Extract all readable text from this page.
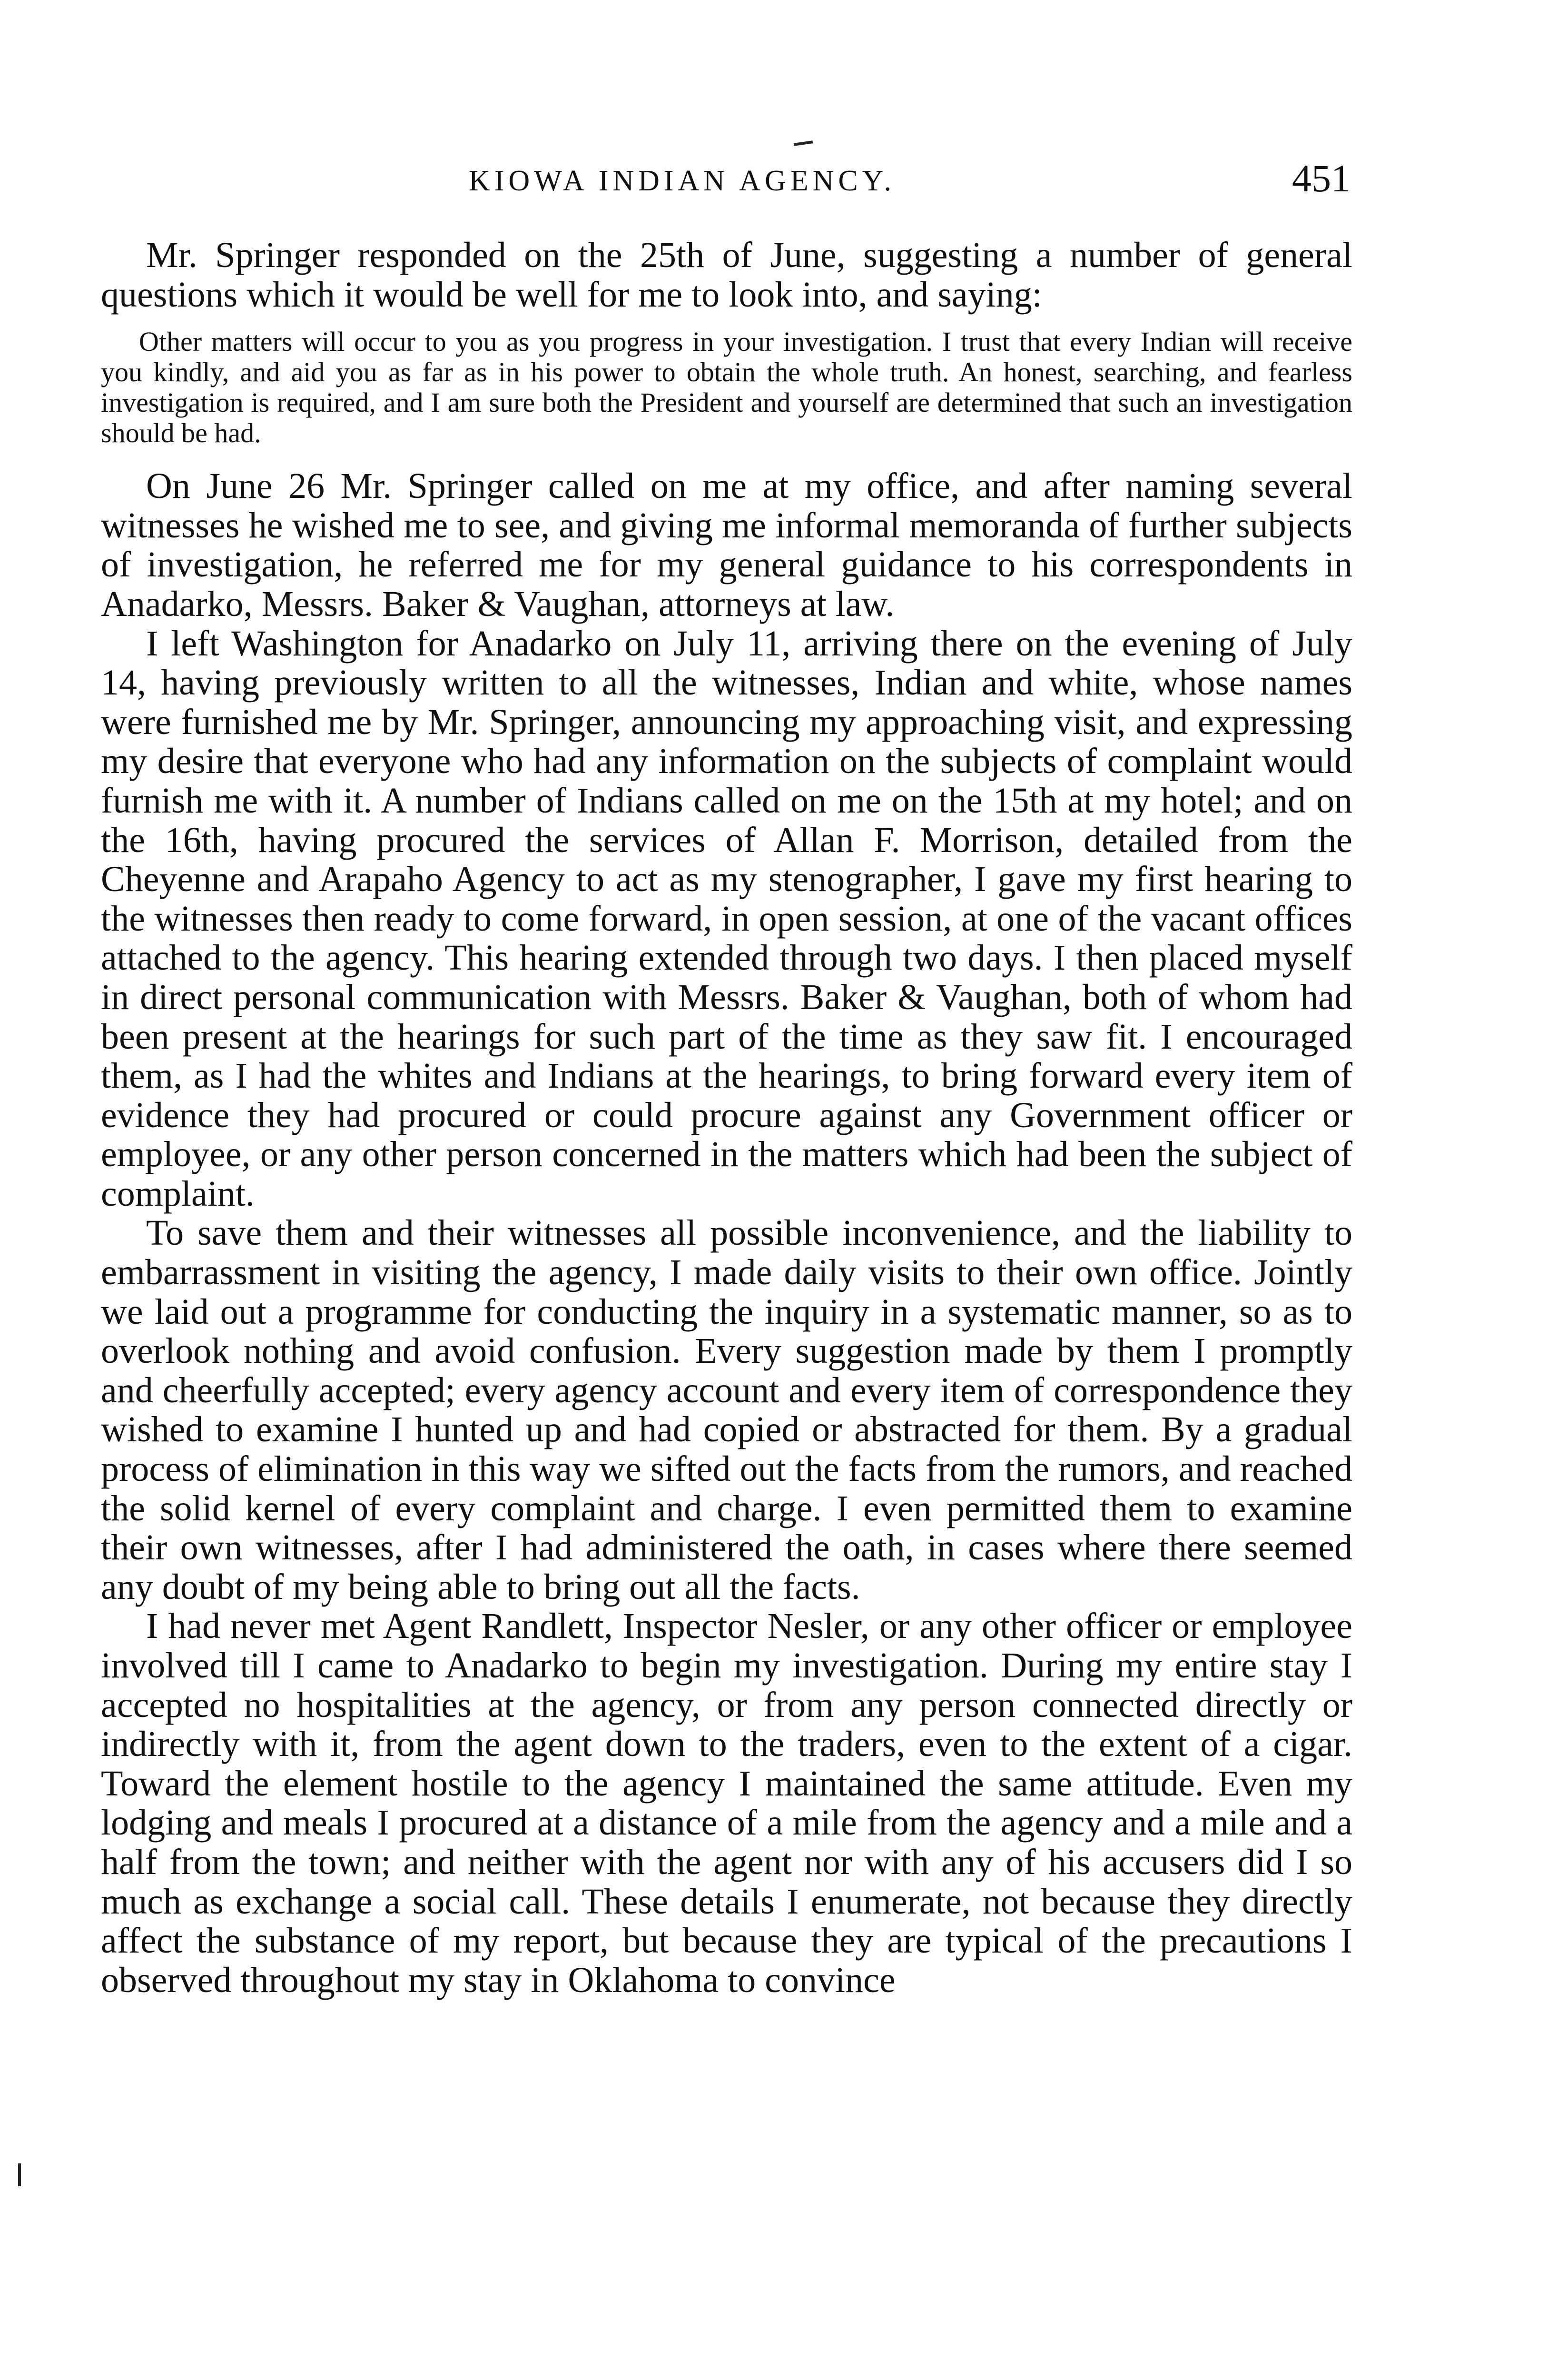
KIOWA INDIAN AGENCY.	451

Mr. Springer responded on the 25th of June, suggesting a number of general questions which it would be well for me to look into, and saying:

Other matters will occur to you as you progress in your investigation. I trust that every Indian will receive you kindly, and aid you as far as in his power to obtain the whole truth. An honest, searching, and fearless investigation is required, and I am sure both the President and yourself are determined that such an investigation should be had.

On June 26 Mr. Springer called on me at my office, and after naming several witnesses he wished me to see, and giving me informal memoranda of further subjects of investigation, he referred me for my general guidance to his correspondents in Anadarko, Messrs. Baker & Vaughan, attorneys at law.

I left Washington for Anadarko on July 11, arriving there on the evening of July 14, having previously written to all the witnesses, Indian and white, whose names were furnished me by Mr. Springer, announcing my approaching visit, and expressing my desire that everyone who had any information on the subjects of complaint would furnish me with it. A number of Indians called on me on the 15th at my hotel; and on the 16th, having procured the services of Allan F. Morrison, detailed from the Cheyenne and Arapaho Agency to act as my stenographer, I gave my first hearing to the witnesses then ready to come forward, in open session, at one of the vacant offices attached to the agency. This hearing extended through two days. I then placed myself in direct personal communication with Messrs. Baker & Vaughan, both of whom had been present at the hearings for such part of the time as they saw fit. I encouraged them, as I had the whites and Indians at the hearings, to bring forward every item of evidence they had procured or could procure against any Government officer or employee, or any other person concerned in the matters which had been the subject of complaint.

To save them and their witnesses all possible inconvenience, and the liability to embarrassment in visiting the agency, I made daily visits to their own office. Jointly we laid out a programme for conducting the inquiry in a systematic manner, so as to overlook nothing and avoid confusion. Every suggestion made by them I promptly and cheerfully accepted; every agency account and every item of correspondence they wished to examine I hunted up and had copied or abstracted for them. By a gradual process of elimination in this way we sifted out the facts from the rumors, and reached the solid kernel of every complaint and charge. I even permitted them to examine their own witnesses, after I had administered the oath, in cases where there seemed any doubt of my being able to bring out all the facts.

I had never met Agent Randlett, Inspector Nesler, or any other officer or employee involved till I came to Anadarko to begin my investigation. During my entire stay I accepted no hospitalities at the agency, or from any person connected directly or indirectly with it, from the agent down to the traders, even to the extent of a cigar. Toward the element hostile to the agency I maintained the same attitude. Even my lodging and meals I procured at a distance of a mile from the agency and a mile and a half from the town; and neither with the agent nor with any of his accusers did I so much as exchange a social call. These details I enumerate, not because they directly affect the substance of my report, but because they are typical of the precautions I observed throughout my stay in Oklahoma to convince
